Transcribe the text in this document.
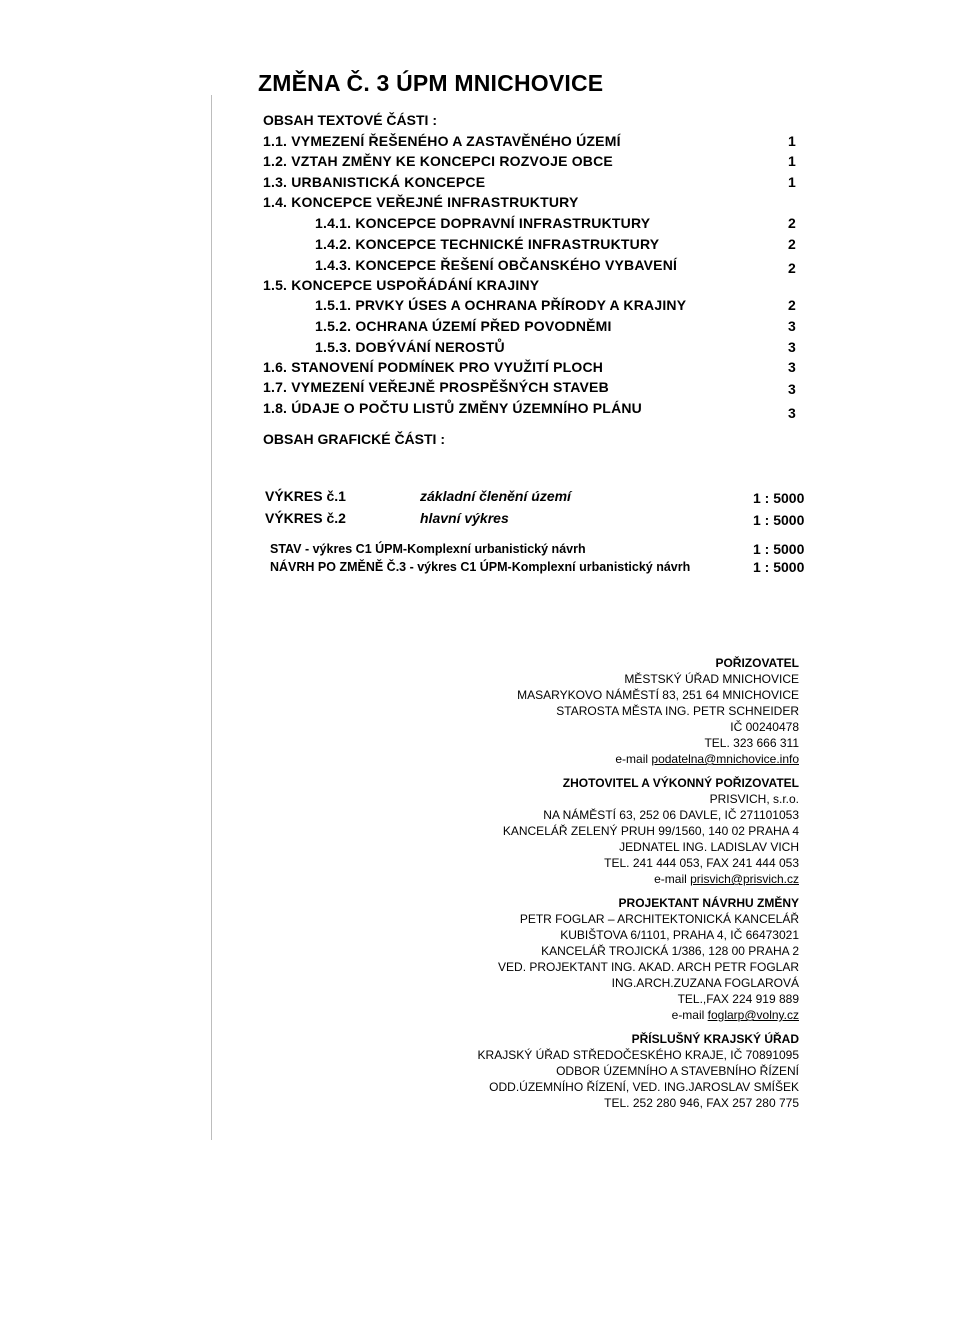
ZMĚNA Č. 3 ÚPM MNICHOVICE
OBSAH TEXTOVÉ ČÁSTI :
1.1. VYMEZENÍ ŘEŠENÉHO A ZASTAVĚNÉHO ÚZEMÍ	1
1.2. VZTAH ZMĚNY KE KONCEPCI ROZVOJE OBCE	1
1.3. URBANISTICKÁ KONCEPCE	1
1.4. KONCEPCE VEŘEJNÉ INFRASTRUKTURY
1.4.1. KONCEPCE DOPRAVNÍ INFRASTRUKTURY	2
1.4.2. KONCEPCE TECHNICKÉ INFRASTRUKTURY	2
1.4.3. KONCEPCE ŘEŠENÍ OBČANSKÉHO VYBAVENÍ	2
1.5. KONCEPCE USPOŘÁDÁNÍ KRAJINY
1.5.1. PRVKY ÚSES A OCHRANA PŘÍRODY A KRAJINY	2
1.5.2. OCHRANA ÚZEMÍ PŘED POVODNĚMI	3
1.5.3. DOBÝVÁNÍ NEROSTŮ	3
1.6. STANOVENÍ PODMÍNEK PRO VYUŽITÍ PLOCH	3
1.7. VYMEZENÍ VEŘEJNĚ PROSPĚŠNÝCH STAVEB	3
1.8. ÚDAJE O POČTU LISTŮ ZMĚNY ÚZEMNÍHO PLÁNU	3
OBSAH GRAFICKÉ ČÁSTI :
VÝKRES č.1	základní členění území	1 : 5000
VÝKRES č.2	hlavní výkres	1 : 5000
STAV - výkres C1 ÚPM-Komplexní urbanistický návrh	1 : 5000
NÁVRH PO ZMĚNĚ Č.3 - výkres C1 ÚPM-Komplexní urbanistický návrh	1 : 5000
POŘIZOVATEL
MĚSTSKÝ ÚŘAD MNICHOVICE
MASARYKOVO NÁMĚSTÍ 83, 251 64 MNICHOVICE
STAROSTA MĚSTA ING. PETR SCHNEIDER
IČ 00240478
TEL. 323 666 311
e-mail podatelna@mnichovice.info
ZHOTOVITEL A VÝKONNÝ POŘIZOVATEL
PRISVICH, s.r.o.
NA NÁMĚSTÍ 63, 252 06 DAVLE, IČ 271101053
KANCELÁŘ ZELENÝ PRUH 99/1560, 140 02 PRAHA 4
JEDNATEL ING. LADISLAV VICH
TEL. 241 444 053, FAX 241 444 053
e-mail prisvich@prisvich.cz
PROJEKTANT NÁVRHU ZMĚNY
PETR FOGLAR – ARCHITEKTONICKÁ KANCELÁŘ
KUBIŠTOVA 6/1101, PRAHA 4, IČ 66473021
KANCELÁŘ TROJICKÁ 1/386, 128 00 PRAHA 2
VED. PROJEKTANT ING. AKAD. ARCH PETR FOGLAR
ING.ARCH.ZUZANA FOGLAROVÁ
TEL.,FAX 224 919 889
e-mail foglarp@volny.cz
PŘÍSLUŠNÝ KRAJSKÝ ÚŘAD
KRAJSKÝ ÚŘAD STŘEDOČESKÉHO KRAJE, IČ 70891095
ODBOR ÚZEMNÍHO A STAVEBNÍHO ŘÍZENÍ
ODD.ÚZEMNÍHO ŘÍZENÍ, VED. ING.JAROSLAV SMÍŠEK
TEL. 252 280 946, FAX 257 280 775
